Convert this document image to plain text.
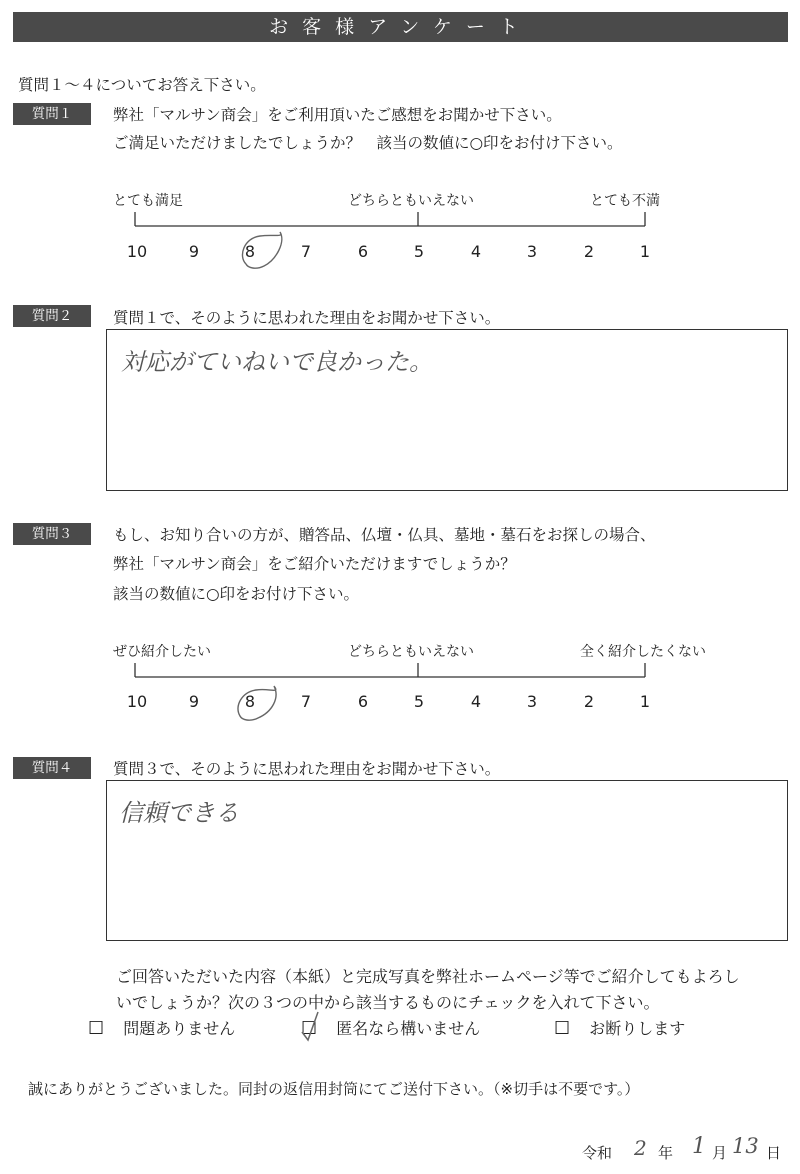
お客様アンケート
質問１～４についてお答え下さい。
質問１	弊社「マルサン商会」をご利用頂いたご感想をお聞かせ下さい。
ご満足いただけましたでしょうか？　該当の数値に○印をお付け下さい。
とても満足	どちらともいえない	とても不満
10	9	8	7	6	5	4	3	2	1
質問２	質問１で、そのように思われた理由をお聞かせ下さい。
対応がていねいで良かった。
質問３	もし、お知り合いの方が、贈答品、仏壇・仏具、墓地・墓石をお探しの場合、
弊社「マルサン商会」をご紹介いただけますでしょうか？
該当の数値に○印をお付け下さい。
ぜひ紹介したい	どちらともいえない	全く紹介したくない
10	9	8	7	6	5	4	3	2	1
質問４	質問３で、そのように思われた理由をお聞かせ下さい。
信頼できる
ご回答いただいた内容（本紙）と完成写真を弊社ホームページ等でご紹介してもよろし
いでしょうか？次の３つの中から該当するものにチェックを入れて下さい。
☐ 問題ありません	☐ 匿名なら構いません	☐ お断りします
誠にありがとうございました。同封の返信用封筒にてご送付下さい。（※切手は不要です。）
令和 2 年 1 月 13 日
